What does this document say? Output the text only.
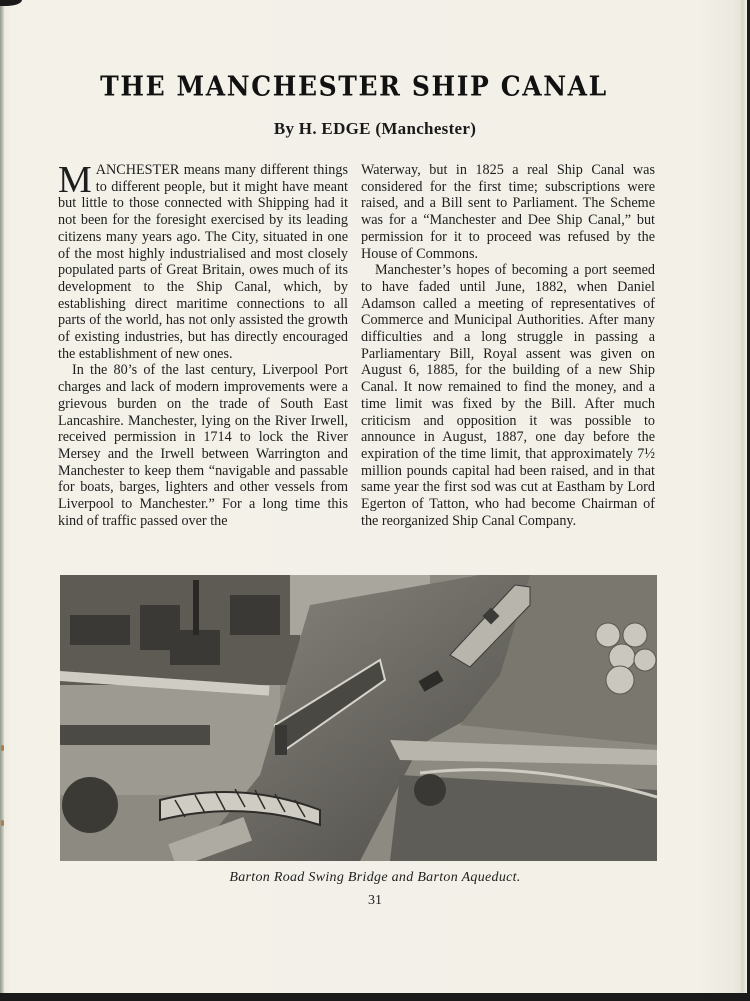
THE MANCHESTER SHIP CANAL
By H. EDGE (Manchester)

MANCHESTER means many different things to different people, but it might have meant but little to those connected with Shipping had it not been for the foresight exercised by its leading citizens many years ago. The City, situated in one of the most highly industrialised and most closely populated parts of Great Britain, owes much of its development to the Ship Canal, which, by establishing direct maritime connections to all parts of the world, has not only assisted the growth of existing industries, but has directly encouraged the establishment of new ones.

In the 80’s of the last century, Liverpool Port charges and lack of modern improvements were a grievous burden on the trade of South East Lancashire. Manchester, lying on the River Irwell, received permission in 1714 to lock the River Mersey and the Irwell between Warrington and Manchester to keep them “navigable and passable for boats, barges, lighters and other vessels from Liverpool to Manchester.” For a long time this kind of traffic passed over the

Waterway, but in 1825 a real Ship Canal was considered for the first time; subscriptions were raised, and a Bill sent to Parliament. The Scheme was for a “Manchester and Dee Ship Canal,” but permission for it to proceed was refused by the House of Commons.

Manchester’s hopes of becoming a port seemed to have faded until June, 1882, when Daniel Adamson called a meeting of representatives of Commerce and Municipal Authorities. After many difficulties and a long struggle in passing a Parliamentary Bill, Royal assent was given on August 6, 1885, for the building of a new Ship Canal. It now remained to find the money, and a time limit was fixed by the Bill. After much criticism and opposition it was possible to announce in August, 1887, one day before the expiration of the time limit, that approximately 7½ million pounds capital had been raised, and in that same year the first sod was cut at Eastham by Lord Egerton of Tatton, who had become Chairman of the reorganized Ship Canal Company.

Barton Road Swing Bridge and Barton Aqueduct.
31
